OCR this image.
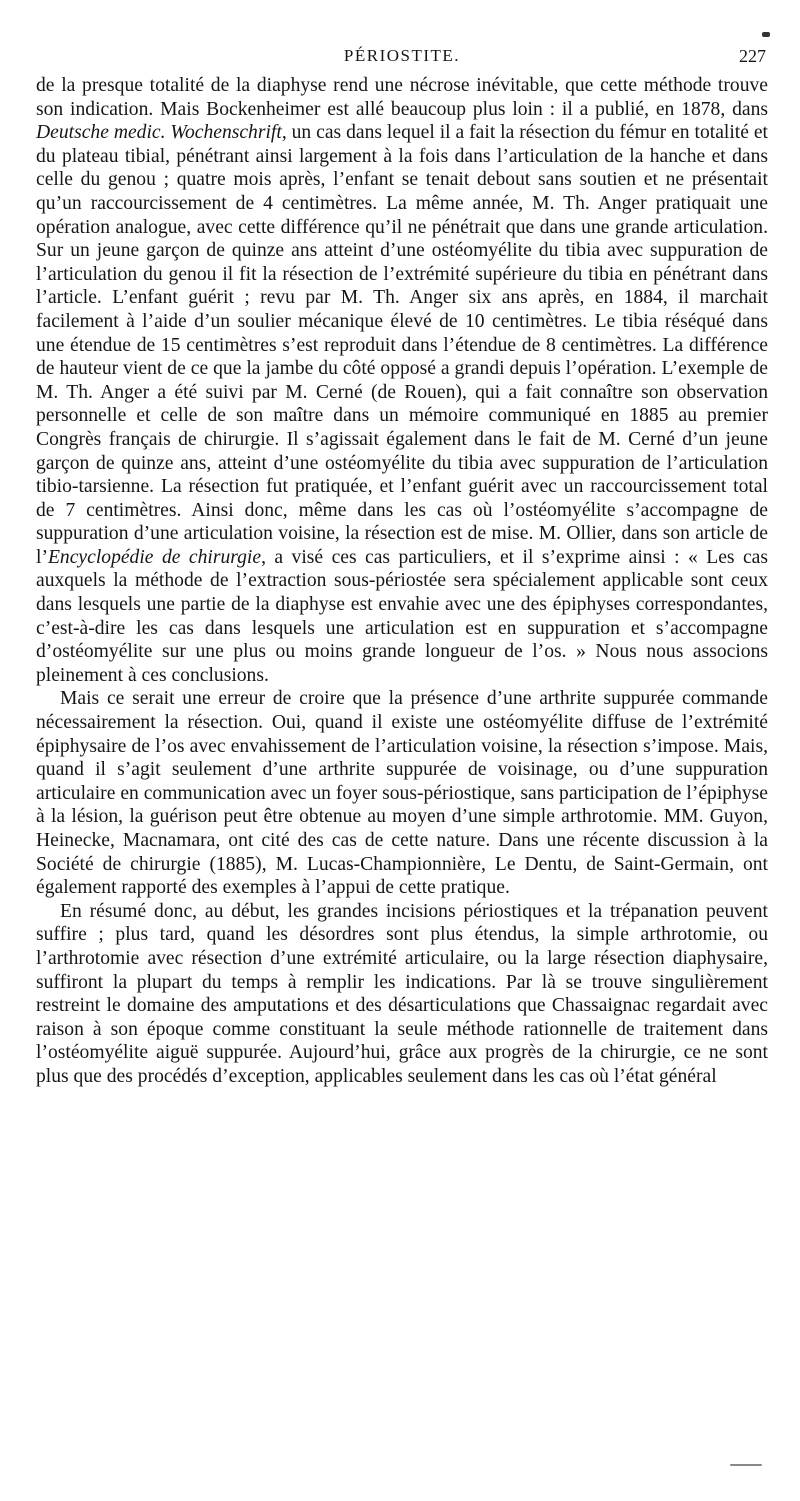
PÉRIOSTITE.	227

de la presque totalité de la diaphyse rend une nécrose inévitable, que cette méthode trouve son indication. Mais Bockenheimer est allé beaucoup plus loin : il a publié, en 1878, dans Deutsche medic. Wochenschrift, un cas dans lequel il a fait la résection du fémur en totalité et du plateau tibial, pénétrant ainsi largement à la fois dans l’articulation de la hanche et dans celle du genou ; quatre mois après, l’enfant se tenait debout sans soutien et ne présentait qu’un raccourcissement de 4 centimètres. La même année, M. Th. Anger pratiquait une opération analogue, avec cette différence qu’il ne pénétrait que dans une grande articulation. Sur un jeune garçon de quinze ans atteint d’une ostéomyélite du tibia avec suppuration de l’articulation du genou il fit la résection de l’extrémité supérieure du tibia en pénétrant dans l’article. L’enfant guérit ; revu par M. Th. Anger six ans après, en 1884, il marchait facilement à l’aide d’un soulier mécanique élevé de 10 centimètres. Le tibia réséqué dans une étendue de 15 centimètres s’est reproduit dans l’étendue de 8 centimètres. La différence de hauteur vient de ce que la jambe du côté opposé a grandi depuis l’opération. L’exemple de M. Th. Anger a été suivi par M. Cerné (de Rouen), qui a fait connaître son observation personnelle et celle de son maître dans un mémoire communiqué en 1885 au premier Congrès français de chirurgie. Il s’agissait également dans le fait de M. Cerné d’un jeune garçon de quinze ans, atteint d’une ostéomyélite du tibia avec suppuration de l’articulation tibio-tarsienne. La résection fut pratiquée, et l’enfant guérit avec un raccourcissement total de 7 centimètres. Ainsi donc, même dans les cas où l’ostéomyélite s’accompagne de suppuration d’une articulation voisine, la résection est de mise. M. Ollier, dans son article de l’Encyclopédie de chirurgie, a visé ces cas particuliers, et il s’exprime ainsi : « Les cas auxquels la méthode de l’extraction sous-périostée sera spécialement applicable sont ceux dans lesquels une partie de la diaphyse est envahie avec une des épiphyses correspondantes, c’est-à-dire les cas dans lesquels une articulation est en suppuration et s’accompagne d’ostéomyélite sur une plus ou moins grande longueur de l’os. » Nous nous associons pleinement à ces conclusions.

Mais ce serait une erreur de croire que la présence d’une arthrite suppurée commande nécessairement la résection. Oui, quand il existe une ostéomyélite diffuse de l’extrémité épiphysaire de l’os avec envahissement de l’articulation voisine, la résection s’impose. Mais, quand il s’agit seulement d’une arthrite suppurée de voisinage, ou d’une suppuration articulaire en communication avec un foyer sous-périostique, sans participation de l’épiphyse à la lésion, la guérison peut être obtenue au moyen d’une simple arthrotomie. MM. Guyon, Heinecke, Macnamara, ont cité des cas de cette nature. Dans une récente discussion à la Société de chirurgie (1885), M. Lucas-Championnière, Le Dentu, de Saint-Germain, ont également rapporté des exemples à l’appui de cette pratique.

En résumé donc, au début, les grandes incisions périostiques et la trépanation peuvent suffire ; plus tard, quand les désordres sont plus étendus, la simple arthrotomie, ou l’arthrotomie avec résection d’une extrémité articulaire, ou la large résection diaphysaire, suffiront la plupart du temps à remplir les indications. Par là se trouve singulièrement restreint le domaine des amputations et des désarticulations que Chassaignac regardait avec raison à son époque comme constituant la seule méthode rationnelle de traitement dans l’ostéomyélite aiguë suppurée. Aujourd’hui, grâce aux progrès de la chirurgie, ce ne sont plus que des procédés d’exception, applicables seulement dans les cas où l’état général
